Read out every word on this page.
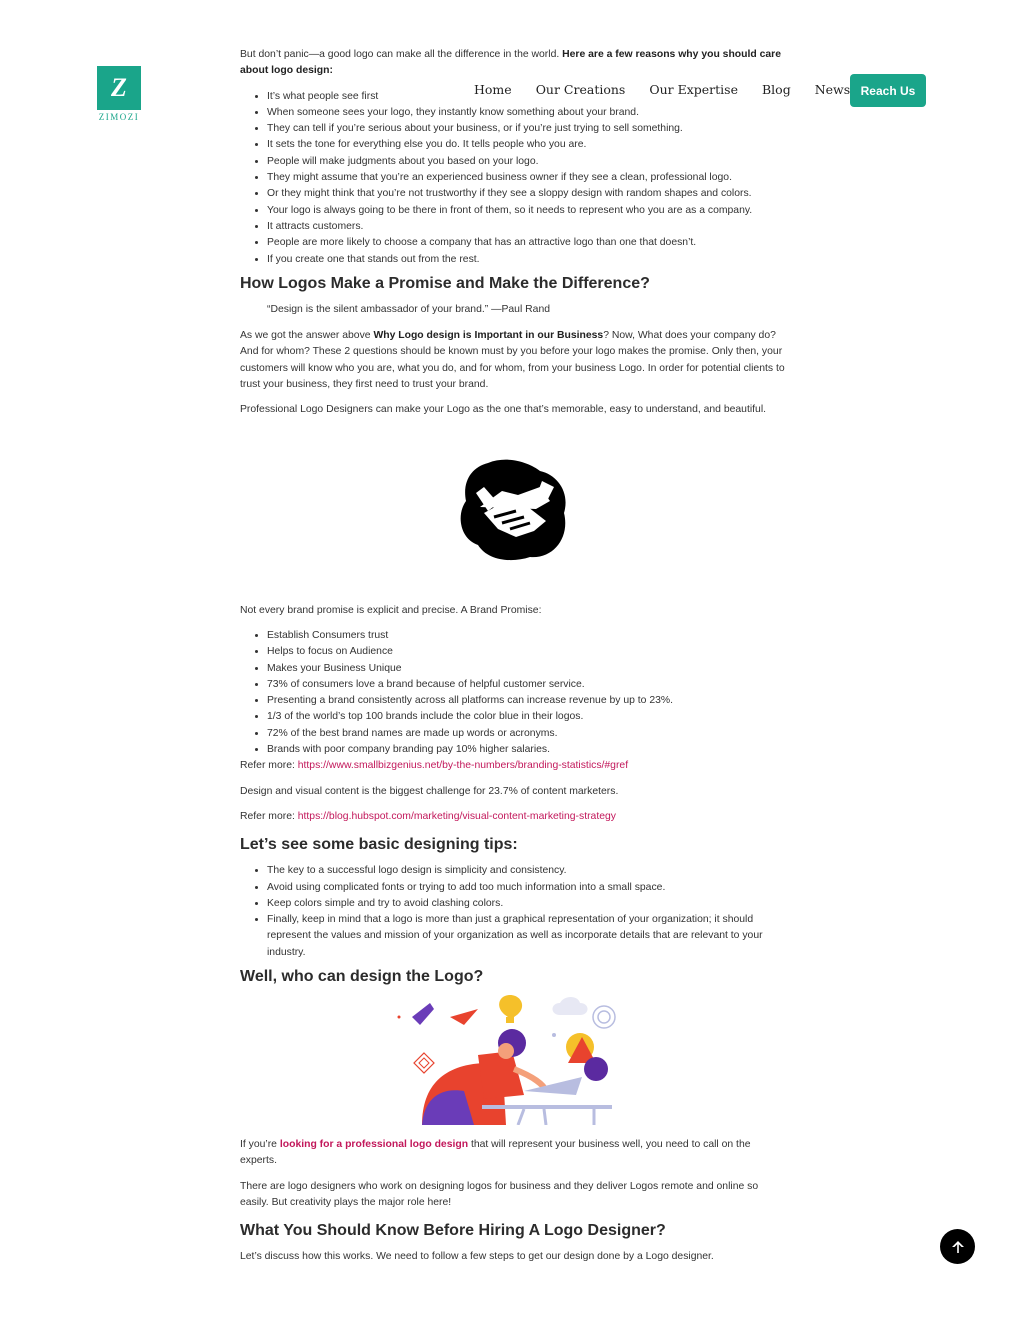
Z
ZIMOZI
Home Our Creations Our Expertise Blog News Reach Us

But don’t panic—a good logo can make all the difference in the world. Here are a few reasons why you should care about logo design:

• It’s what people see first
• When someone sees your logo, they instantly know something about your brand.
• They can tell if you’re serious about your business, or if you’re just trying to sell something.
• It sets the tone for everything else you do. It tells people who you are.
• People will make judgments about you based on your logo.
• They might assume that you’re an experienced business owner if they see a clean, professional logo.
• Or they might think that you’re not trustworthy if they see a sloppy design with random shapes and colors.
• Your logo is always going to be there in front of them, so it needs to represent who you are as a company.
• It attracts customers.
• People are more likely to choose a company that has an attractive logo than one that doesn’t.
• If you create one that stands out from the rest.
How Logos Make a Promise and Make the Difference?

“Design is the silent ambassador of your brand.” —Paul Rand

As we got the answer above Why Logo design is Important in our Business? Now, What does your company do? And for whom? These 2 questions should be known must by you before your logo makes the promise. Only then, your customers will know who you are, what you do, and for whom, from your business Logo. In order for potential clients to trust your business, they first need to trust your brand.

Professional Logo Designers can make your Logo as the one that’s memorable, easy to understand, and beautiful.

Not every brand promise is explicit and precise. A Brand Promise:

• Establish Consumers trust
• Helps to focus on Audience
• Makes your Business Unique
• 73% of consumers love a brand because of helpful customer service.
• Presenting a brand consistently across all platforms can increase revenue by up to 23%.
• 1/3 of the world’s top 100 brands include the color blue in their logos.
• 72% of the best brand names are made up words or acronyms.
• Brands with poor company branding pay 10% higher salaries.

Refer more: https://www.smallbizgenius.net/by-the-numbers/branding-statistics/#gref

Design and visual content is the biggest challenge for 23.7% of content marketers.

Refer more: https://blog.hubspot.com/marketing/visual-content-marketing-strategy

Let’s see some basic designing tips:
• The key to a successful logo design is simplicity and consistency.
• Avoid using complicated fonts or trying to add too much information into a small space.
• Keep colors simple and try to avoid clashing colors.
• Finally, keep in mind that a logo is more than just a graphical representation of your organization; it should represent the values and mission of your organization as well as incorporate details that are relevant to your industry.
Well, who can design the Logo?

If you’re looking for a professional logo design that will represent your business well, you need to call on the experts.

There are logo designers who work on designing logos for business and they deliver Logos remote and online so easily. But creativity plays the major role here!

What You Should Know Before Hiring A Logo Designer?

Let’s discuss how this works. We need to follow a few steps to get our design done by a Logo designer.
